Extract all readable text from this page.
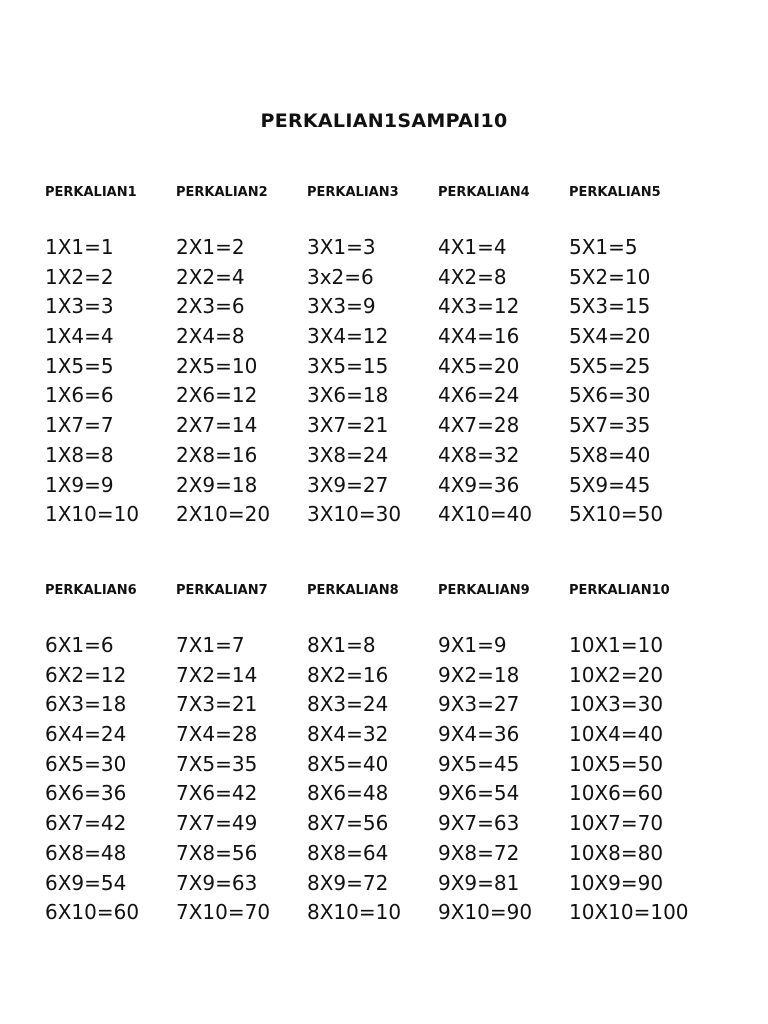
PERKALIAN1SAMPAI10
PERKALIAN1
1X1=1
1X2=2
1X3=3
1X4=4
1X5=5
1X6=6
1X7=7
1X8=8
1X9=9
1X10=10
PERKALIAN2
2X1=2
2X2=4
2X3=6
2X4=8
2X5=10
2X6=12
2X7=14
2X8=16
2X9=18
2X10=20
PERKALIAN3
3X1=3
3x2=6
3X3=9
3X4=12
3X5=15
3X6=18
3X7=21
3X8=24
3X9=27
3X10=30
PERKALIAN4
4X1=4
4X2=8
4X3=12
4X4=16
4X5=20
4X6=24
4X7=28
4X8=32
4X9=36
4X10=40
PERKALIAN5
5X1=5
5X2=10
5X3=15
5X4=20
5X5=25
5X6=30
5X7=35
5X8=40
5X9=45
5X10=50
PERKALIAN6
6X1=6
6X2=12
6X3=18
6X4=24
6X5=30
6X6=36
6X7=42
6X8=48
6X9=54
6X10=60
PERKALIAN7
7X1=7
7X2=14
7X3=21
7X4=28
7X5=35
7X6=42
7X7=49
7X8=56
7X9=63
7X10=70
PERKALIAN8
8X1=8
8X2=16
8X3=24
8X4=32
8X5=40
8X6=48
8X7=56
8X8=64
8X9=72
8X10=10
PERKALIAN9
9X1=9
9X2=18
9X3=27
9X4=36
9X5=45
9X6=54
9X7=63
9X8=72
9X9=81
9X10=90
PERKALIAN10
10X1=10
10X2=20
10X3=30
10X4=40
10X5=50
10X6=60
10X7=70
10X8=80
10X9=90
10X10=100
